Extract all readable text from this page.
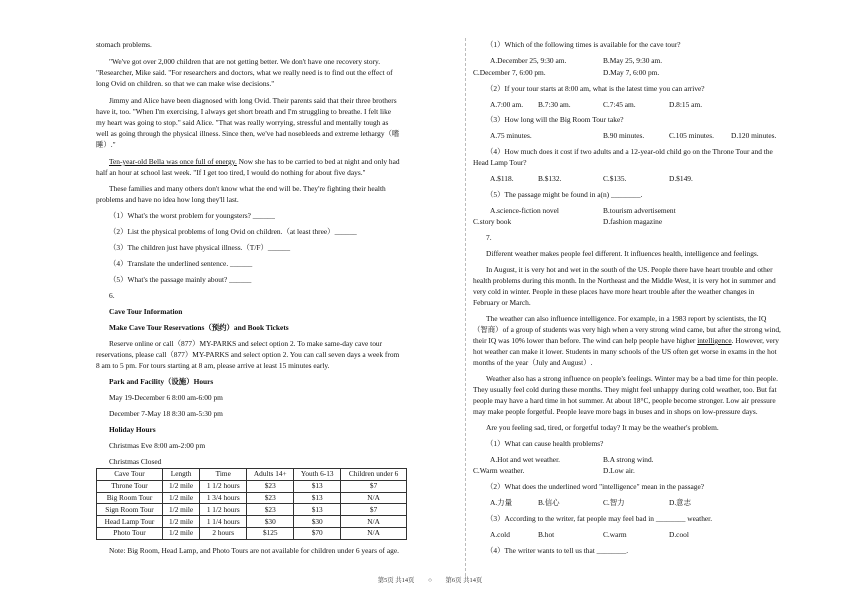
stomach problems.

"We've got over 2,000 children that are not getting better. We don't have one recovery story.

"Researcher, Mike said. "For researchers and doctors, what we really need is to find out the effect of

long Ovid on children. so that we can make wise decisions."

Jimmy and Alice have been diagnosed with long Ovid. Their parents said that their three brothers

have it, too. "When I'm exercising, I always get short breath and I'm struggling to breathe. I felt like

my heart was going to stop." said Alice. "That was really worrying, stressful and mentally tough as

well as going through the physical illness. Since then, we've had nosebleeds and extreme lethargy（嗜

睡）."

Ten-year-old Bella was once full of energy. Now she has to be carried to bed at night and only had

half an hour at school last week. "If I get too tired, I would do nothing for about five days."

These families and many others don't know what the end will be. They're fighting their health

problems and have no idea how long they'll last.

（1）What's the worst problem for youngsters? ______

（2）List the physical problems of long Ovid on children.（at least three）______

（3）The children just have physical illness.（T/F）______

（4）Translate the underlined sentence. ______

（5）What's the passage mainly about? ______

6.

Cave Tour Information

Make Cave Tour Reservations（预约）and Book Tickets

Reserve online or call（877）MY-PARKS and select option 2. To make same-day cave tour

reservations, please call（877）MY-PARKS and select option 2. You can call seven days a week from

8 am to 5 pm. For tours starting at 8 am, please arrive at least 15 minutes early.

Park and Facility（设施）Hours

May 19-December 6 8:00 am-6:00 pm

December 7-May 18 8:30 am-5:30 pm

Holiday Hours

Christmas Eve 8:00 am-2:00 pm

Christmas Closed

Cave Tour	Length	Time	Adults 14+	Youth 6-13	Children under 6
Throne Tour	1/2 mile	1 1/2 hours	$23	$13	$7
Big Room Tour	1/2 mile	1 3/4 hours	$23	$13	N/A
Sign Room Tour	1/2 mile	1 1/2 hours	$23	$13	$7
Head Lamp Tour	1/2 mile	1 1/4 hours	$30	$30	N/A
Photo Tour	1/2 mile	2 hours	$125	$70	N/A

Note: Big Room, Head Lamp, and Photo Tours are not available for children under 6 years of age.

（1）Which of the following times is available for the cave tour?

A.December 25, 9:30 am.	B.May 25, 9:30 am.

C.December 7, 6:00 pm.	D.May 7, 6:00 pm.

（2）If your tour starts at 8:00 am, what is the latest time you can arrive?

A.7:00 am. B.7:30 am.	C.7:45 am.	D.8:15 am.

（3）How long will the Big Room Tour take?

A.75 minutes.	B.90 minutes.	C.105 minutes. D.120 minutes.

（4）How much does it cost if two adults and a 12-year-old child go on the Throne Tour and the

Head Lamp Tour?

A.$118.	B.$132.	C.$135.	D.$149.

（5）The passage might be found in a(n) ________.

A.science-fiction novel	B.tourism advertisement

C.story book	D.fashion magazine

7.

Different weather makes people feel different. It influences health, intelligence and feelings.

In August, it is very hot and wet in the south of the US. People there have heart trouble and other

health problems during this month. In the Northeast and the Middle West, it is very hot in summer and

very cold in winter. People in these places have more heart trouble after the weather changes in

February or March.

The weather can also influence intelligence. For example, in a 1983 report by scientists, the IQ

（智商）of a group of students was very high when a very strong wind came, but after the strong wind,

their IQ was 10% lower than before. The wind can help people have higher intelligence. However, very

hot weather can make it lower. Students in many schools of the US often get worse in exams in the hot

months of the year（July and August）.

Weather also has a strong influence on people's feelings. Winter may be a bad time for thin people.

They usually feel cold during these months. They might feel unhappy during cold weather, too. But fat

people may have a hard time in hot summer. At about 18°C, people become stronger. Low air pressure

may make people forgetful. People leave more bags in buses and in shops on low-pressure days.

Are you feeling sad, tired, or forgetful today? It may be the weather's problem.

（1）What can cause health problems?

A.Hot and wet weather.	B.A strong wind.

C.Warm weather.	D.Low air.

（2）What does the underlined word "intelligence" mean in the passage?

A.力量	B.信心	C.智力	D.意志

（3）According to the writer, fat people may feel bad in ________ weather.

A.cold	B.hot	C.warm	D.cool

（4）The writer wants to tell us that ________.

第5页 共14页 ○ 第6页 共14页
